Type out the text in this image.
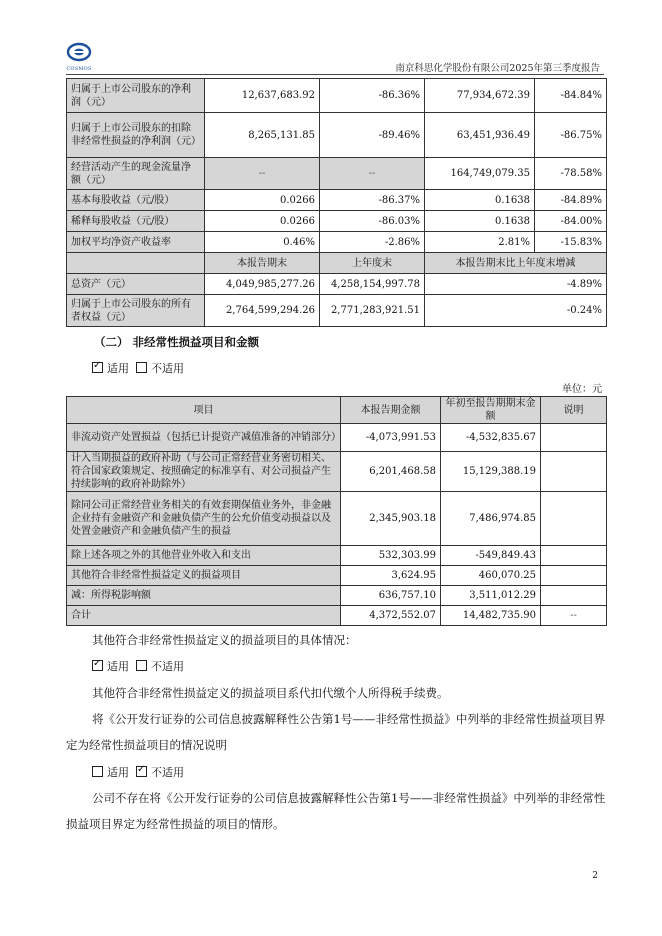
COSMOS	南京科思化学股份有限公司2025年第三季度报告
归属于上市公司股东的净利润（元）	12,637,683.92	-86.36%	77,934,672.39	-84.84%
归属于上市公司股东的扣除非经常性损益的净利润（元）	8,265,131.85	-89.46%	63,451,936.49	-86.75%
经营活动产生的现金流量净额（元）	--	--	164,749,079.35	-78.58%
基本每股收益（元/股）	0.0266	-86.37%	0.1638	-84.89%
稀释每股收益（元/股）	0.0266	-86.03%	0.1638	-84.00%
加权平均净资产收益率	0.46%	-2.86%	2.81%	-15.83%
	本报告期末	上年度末	本报告期末比上年度末增减	
总资产（元）	4,049,985,277.26	4,258,154,997.78	-4.89%	
归属于上市公司股东的所有者权益（元）	2,764,599,294.26	2,771,283,921.51	-0.24%	
（二） 非经常性损益项目和金额
✓适用 不适用
单位：元
项目	本报告期金额	年初至报告期期末金额	说明
非流动资产处置损益（包括已计提资产减值准备的冲销部分）	-4,073,991.53	-4,532,835.67	
计入当期损益的政府补助（与公司正常经营业务密切相关、符合国家政策规定、按照确定的标准享有、对公司损益产生持续影响的政府补助除外）	6,201,468.58	15,129,388.19	
除同公司正常经营业务相关的有效套期保值业务外，非金融企业持有金融资产和金融负债产生的公允价值变动损益以及处置金融资产和金融负债产生的损益	2,345,903.18	7,486,974.85	
除上述各项之外的其他营业外收入和支出	532,303.99	-549,849.43	
其他符合非经常性损益定义的损益项目	3,624.95	460,070.25	
减：所得税影响额	636,757.10	3,511,012.29	
合计	4,372,552.07	14,482,735.90	--
其他符合非经常性损益定义的损益项目的具体情况：
✓适用 不适用
其他符合非经常性损益定义的损益项目系代扣代缴个人所得税手续费。
将《公开发行证券的公司信息披露解释性公告第1号——非经常性损益》中列举的非经常性损益项目界定为经常性损益项目的情况说明
适用 ✓ 不适用
公司不存在将《公开发行证券的公司信息披露解释性公告第1号——非经常性损益》中列举的非经常性损益项目界定为经常性损益的项目的情形。
2
